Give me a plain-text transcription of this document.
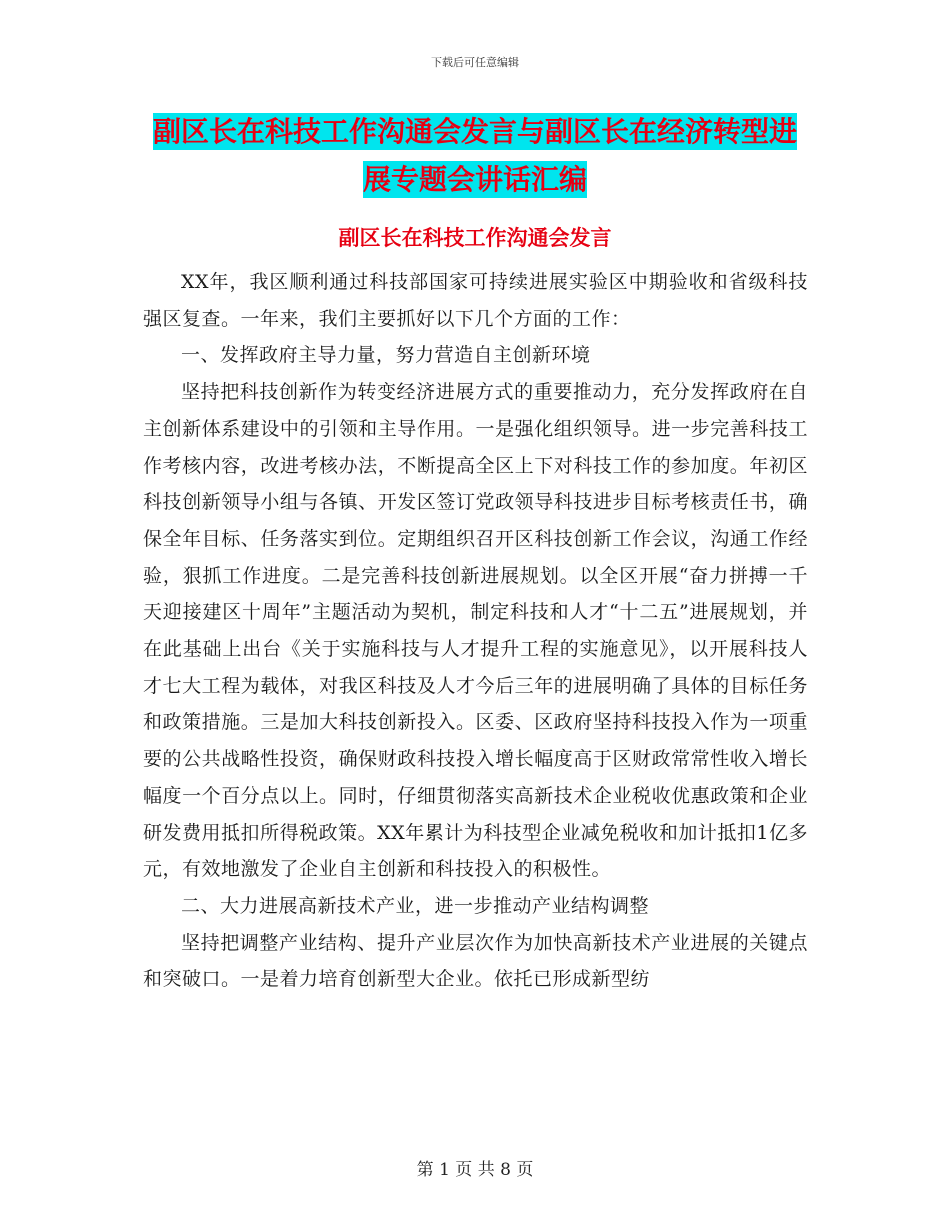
下载后可任意编辑
副区长在科技工作沟通会发言与副区长在经济转型进
展专题会讲话汇编
副区长在科技工作沟通会发言

XX年，我区顺利通过科技部国家可持续进展实验区中期验收和省级科技强区复查。一年来，我们主要抓好以下几个方面的工作：

一、发挥政府主导力量，努力营造自主创新环境

坚持把科技创新作为转变经济进展方式的重要推动力，充分发挥政府在自主创新体系建设中的引领和主导作用。一是强化组织领导。进一步完善科技工作考核内容，改进考核办法，不断提高全区上下对科技工作的参加度。年初区科技创新领导小组与各镇、开发区签订党政领导科技进步目标考核责任书，确保全年目标、任务落实到位。定期组织召开区科技创新工作会议，沟通工作经验，狠抓工作进度。二是完善科技创新进展规划。以全区开展“奋力拼搏一千天迎接建区十周年”主题活动为契机，制定科技和人才“十二五”进展规划，并在此基础上出台《关于实施科技与人才提升工程的实施意见》，以开展科技人才七大工程为载体，对我区科技及人才今后三年的进展明确了具体的目标任务和政策措施。三是加大科技创新投入。区委、区政府坚持科技投入作为一项重要的公共战略性投资，确保财政科技投入增长幅度高于区财政常常性收入增长幅度一个百分点以上。同时，仔细贯彻落实高新技术企业税收优惠政策和企业研发费用抵扣所得税政策。XX年累计为科技型企业减免税收和加计抵扣1亿多元，有效地激发了企业自主创新和科技投入的积极性。

二、大力进展高新技术产业，进一步推动产业结构调整

坚持把调整产业结构、提升产业层次作为加快高新技术产业进展的关键点和突破口。一是着力培育创新型大企业。依托已形成新型纺

第 1 页 共 8 页
